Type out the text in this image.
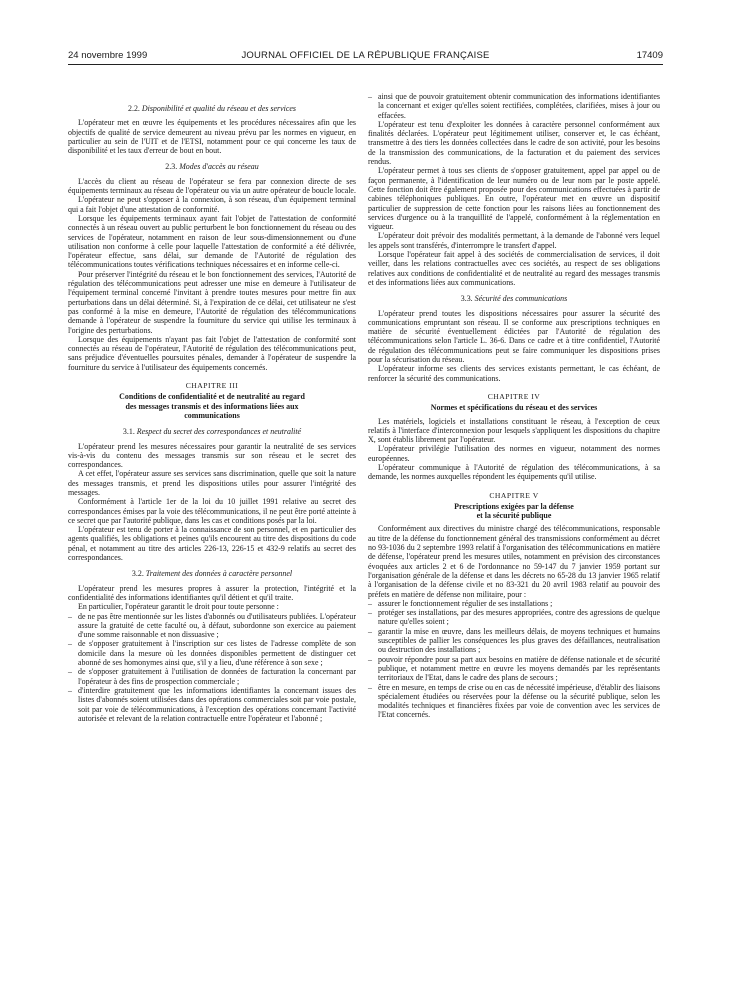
24 novembre 1999	JOURNAL OFFICIEL DE LA RÉPUBLIQUE FRANÇAISE	17409
2.2. Disponibilité et qualité du réseau et des services

L'opérateur met en œuvre les équipements et les procédures nécessaires afin que les objectifs de qualité de service demeurent au niveau prévu par les normes en vigueur, en particulier au sein de l'UIT et de l'ETSI, notamment pour ce qui concerne les taux de disponibilité et les taux d'erreur de bout en bout.

2.3. Modes d'accès au réseau

L'accès du client au réseau de l'opérateur se fera par connexion directe de ses équipements terminaux au réseau de l'opérateur ou via un autre opérateur de boucle locale.

L'opérateur ne peut s'opposer à la connexion, à son réseau, d'un équipement terminal qui a fait l'objet d'une attestation de conformité.

Lorsque les équipements terminaux ayant fait l'objet de l'attestation de conformité connectés à un réseau ouvert au public perturbent le bon fonctionnement du réseau ou des services de l'opérateur, notamment en raison de leur sous-dimensionnement ou d'une utilisation non conforme à celle pour laquelle l'attestation de conformité a été délivrée, l'opérateur effectue, sans délai, sur demande de l'Autorité de régulation des télécommunications toutes vérifications techniques nécessaires et en informe celle-ci.

Pour préserver l'intégrité du réseau et le bon fonctionnement des services, l'Autorité de régulation des télécommunications peut adresser une mise en demeure à l'utilisateur de l'équipement terminal concerné l'invitant à prendre toutes mesures pour mettre fin aux perturbations dans un délai déterminé. Si, à l'expiration de ce délai, cet utilisateur ne s'est pas conformé à la mise en demeure, l'Autorité de régulation des télécommunications demande à l'opérateur de suspendre la fourniture du service qui utilise les terminaux à l'origine des perturbations.

Lorsque des équipements n'ayant pas fait l'objet de l'attestation de conformité sont connectés au réseau de l'opérateur, l'Autorité de régulation des télécommunications peut, sans préjudice d'éventuelles poursuites pénales, demander à l'opérateur de suspendre la fourniture du service à l'utilisateur des équipements concernés.

CHAPITRE III
Conditions de confidentialité et de neutralité au regard
des messages transmis et des informations liées aux
communications
3.1. Respect du secret des correspondances et neutralité

L'opérateur prend les mesures nécessaires pour garantir la neutralité de ses services vis-à-vis du contenu des messages transmis sur son réseau et le secret des correspondances.

A cet effet, l'opérateur assure ses services sans discrimination, quelle que soit la nature des messages transmis, et prend les dispositions utiles pour assurer l'intégrité des messages.

Conformément à l'article 1er de la loi du 10 juillet 1991 relative au secret des correspondances émises par la voie des télécommunications, il ne peut être porté atteinte à ce secret que par l'autorité publique, dans les cas et conditions posés par la loi.

L'opérateur est tenu de porter à la connaissance de son personnel, et en particulier des agents qualifiés, les obligations et peines qu'ils encourent au titre des dispositions du code pénal, et notamment au titre des articles 226-13, 226-15 et 432-9 relatifs au secret des correspondances.

3.2. Traitement des données à caractère personnel

L'opérateur prend les mesures propres à assurer la protection, l'intégrité et la confidentialité des informations identifiantes qu'il détient et qu'il traite.

En particulier, l'opérateur garantit le droit pour toute personne :

– de ne pas être mentionnée sur les listes d'abonnés ou d'utilisateurs publiées. L'opérateur assure la gratuité de cette faculté ou, à défaut, subordonne son exercice au paiement d'une somme raisonnable et non dissuasive ;
– de s'opposer gratuitement à l'inscription sur ces listes de l'adresse complète de son domicile dans la mesure où les données disponibles permettent de distinguer cet abonné de ses homonymes ainsi que, s'il y a lieu, d'une référence à son sexe ;
– de s'opposer gratuitement à l'utilisation de données de facturation la concernant par l'opérateur à des fins de prospection commerciale ;
– d'interdire gratuitement que les informations identifiantes la concernant issues des listes d'abonnés soient utilisées dans des opérations commerciales soit par voie postale, soit par voie de télécommunications, à l'exception des opérations concernant l'activité autorisée et relevant de la relation contractuelle entre l'opérateur et l'abonné ;
– ainsi que de pouvoir gratuitement obtenir communication des informations identifiantes la concernant et exiger qu'elles soient rectifiées, complétées, clarifiées, mises à jour ou effacées.

L'opérateur est tenu d'exploiter les données à caractère personnel conformément aux finalités déclarées. L'opérateur peut légitimement utiliser, conserver et, le cas échéant, transmettre à des tiers les données collectées dans le cadre de son activité, pour les besoins de la transmission des communications, de la facturation et du paiement des services rendus.

L'opérateur permet à tous ses clients de s'opposer gratuitement, appel par appel ou de façon permanente, à l'identification de leur numéro ou de leur nom par le poste appelé. Cette fonction doit être également proposée pour des communications effectuées à partir de cabines téléphoniques publiques. En outre, l'opérateur met en œuvre un dispositif particulier de suppression de cette fonction pour les raisons liées au fonctionnement des services d'urgence ou à la tranquillité de l'appelé, conformément à la réglementation en vigueur.

L'opérateur doit prévoir des modalités permettant, à la demande de l'abonné vers lequel les appels sont transférés, d'interrompre le transfert d'appel.

Lorsque l'opérateur fait appel à des sociétés de commercialisation de services, il doit veiller, dans les relations contractuelles avec ces sociétés, au respect de ses obligations relatives aux conditions de confidentialité et de neutralité au regard des messages transmis et des informations liées aux communications.

3.3. Sécurité des communications

L'opérateur prend toutes les dispositions nécessaires pour assurer la sécurité des communications empruntant son réseau. Il se conforme aux prescriptions techniques en matière de sécurité éventuellement édictées par l'Autorité de régulation des télécommunications selon l'article L. 36-6. Dans ce cadre et à titre confidentiel, l'Autorité de régulation des télécommunications peut se faire communiquer les dispositions prises pour la sécurisation du réseau.

L'opérateur informe ses clients des services existants permettant, le cas échéant, de renforcer la sécurité des communications.

CHAPITRE IV
Normes et spécifications du réseau et des services

Les matériels, logiciels et installations constituant le réseau, à l'exception de ceux relatifs à l'interface d'interconnexion pour lesquels s'appliquent les dispositions du chapitre X, sont établis librement par l'opérateur.

L'opérateur privilégie l'utilisation des normes en vigueur, notamment des normes européennes.

L'opérateur communique à l'Autorité de régulation des télécommunications, à sa demande, les normes auxquelles répondent les équipements qu'il utilise.

CHAPITRE V
Prescriptions exigées par la défense
et la sécurité publique

Conformément aux directives du ministre chargé des télécommunications, responsable au titre de la défense du fonctionnement général des transmissions conformément au décret no 93-1036 du 2 septembre 1993 relatif à l'organisation des télécommunications en matière de défense, l'opérateur prend les mesures utiles, notamment en prévision des circonstances évoquées aux articles 2 et 6 de l'ordonnance no 59-147 du 7 janvier 1959 portant sur l'organisation générale de la défense et dans les décrets no 65-28 du 13 janvier 1965 relatif à l'organisation de la défense civile et no 83-321 du 20 avril 1983 relatif au pouvoir des préfets en matière de défense non militaire, pour :

– assurer le fonctionnement régulier de ses installations ;
– protéger ses installations, par des mesures appropriées, contre des agressions de quelque nature qu'elles soient ;
– garantir la mise en œuvre, dans les meilleurs délais, de moyens techniques et humains susceptibles de pallier les conséquences les plus graves des défaillances, neutralisation ou destruction des installations ;
– pouvoir répondre pour sa part aux besoins en matière de défense nationale et de sécurité publique, et notamment mettre en œuvre les moyens demandés par les représentants territoriaux de l'Etat, dans le cadre des plans de secours ;
– être en mesure, en temps de crise ou en cas de nécessité impérieuse, d'établir des liaisons spécialement étudiées ou réservées pour la défense ou la sécurité publique, selon les modalités techniques et financières fixées par voie de convention avec les services de l'Etat concernés.
